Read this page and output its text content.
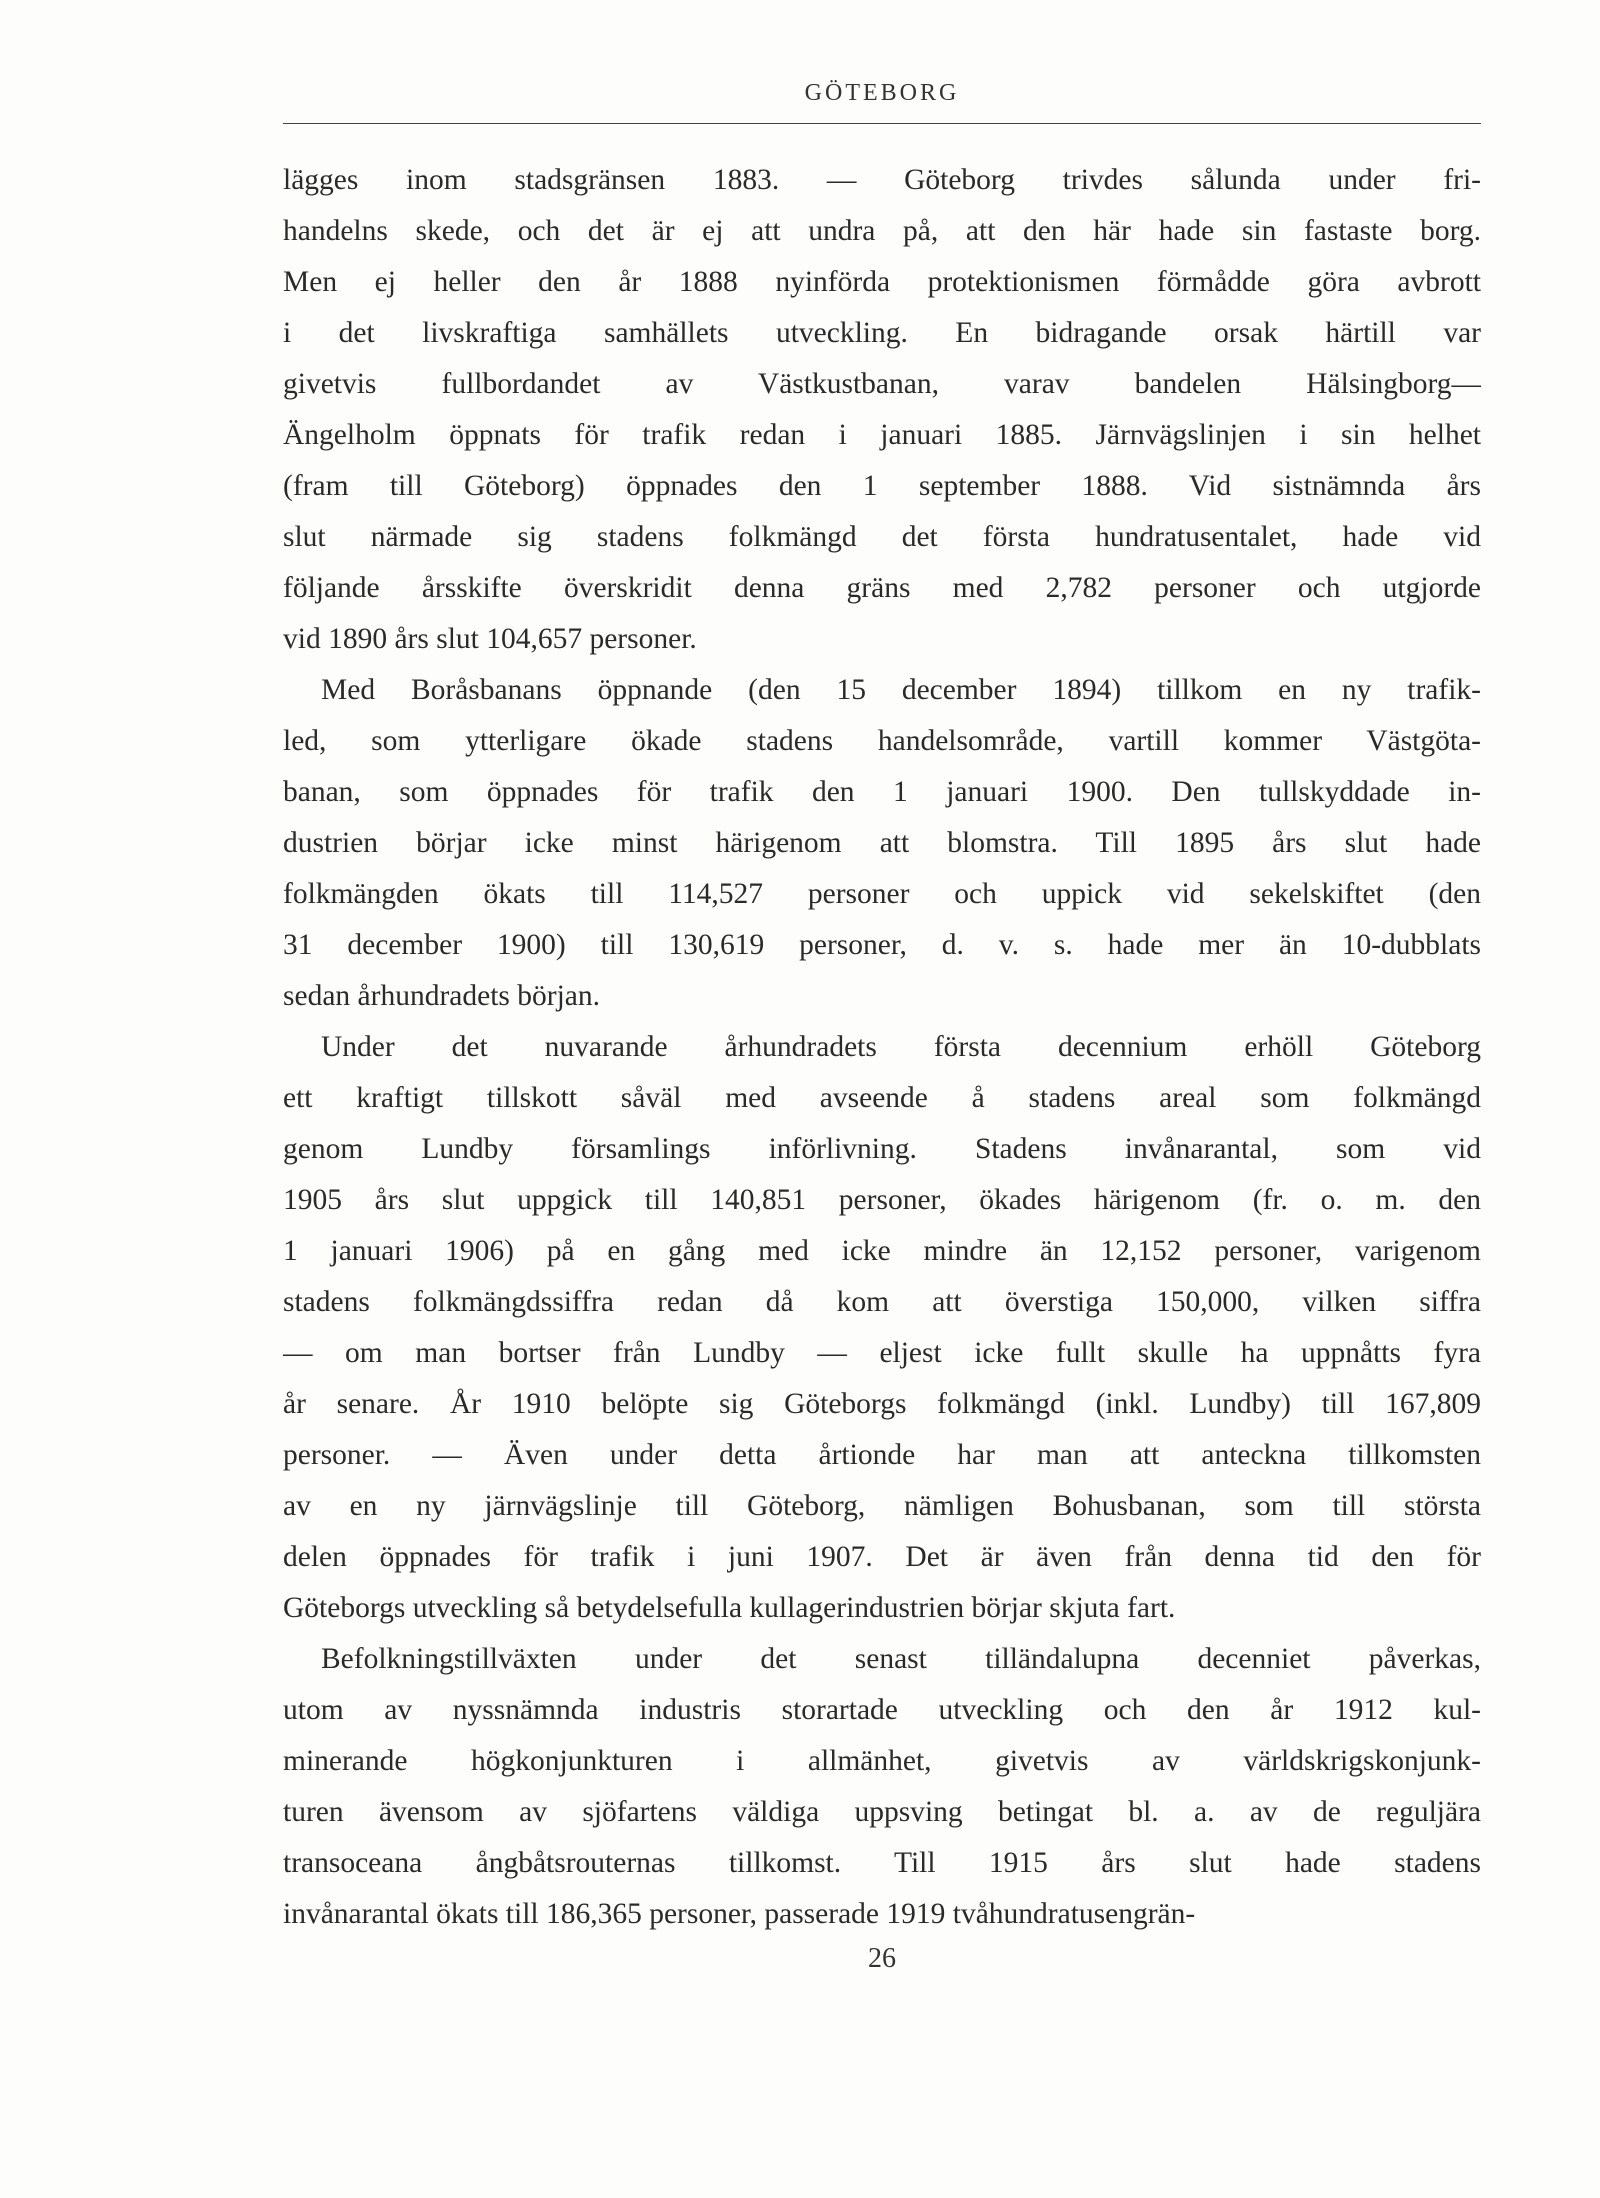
GÖTEBORG
lägges inom stadsgränsen 1883. — Göteborg trivdes sålunda under fri-
handelns skede, och det är ej att undra på, att den här hade sin fastaste borg.
Men ej heller den år 1888 nyinförda protektionismen förmådde göra avbrott
i det livskraftiga samhällets utveckling. En bidragande orsak härtill var
givetvis fullbordandet av Västkustbanan, varav bandelen Hälsingborg—
Ängelholm öppnats för trafik redan i januari 1885. Järnvägslinjen i sin helhet
(fram till Göteborg) öppnades den 1 september 1888. Vid sistnämnda års
slut närmade sig stadens folkmängd det första hundratusentalet, hade vid
följande årsskifte överskridit denna gräns med 2,782 personer och utgjorde
vid 1890 års slut 104,657 personer.
Med Boråsbanans öppnande (den 15 december 1894) tillkom en ny trafik-
led, som ytterligare ökade stadens handelsområde, vartill kommer Västgöta-
banan, som öppnades för trafik den 1 januari 1900. Den tullskyddade in-
dustrien börjar icke minst härigenom att blomstra. Till 1895 års slut hade
folkmängden ökats till 114,527 personer och uppick vid sekelskiftet (den
31 december 1900) till 130,619 personer, d. v. s. hade mer än 10-dubblats
sedan århundradets början.
Under det nuvarande århundradets första decennium erhöll Göteborg
ett kraftigt tillskott såväl med avseende å stadens areal som folkmängd
genom Lundby församlings införlivning. Stadens invånarantal, som vid
1905 års slut uppgick till 140,851 personer, ökades härigenom (fr. o. m. den
1 januari 1906) på en gång med icke mindre än 12,152 personer, varigenom
stadens folkmängdssiffra redan då kom att överstiga 150,000, vilken siffra
— om man bortser från Lundby — eljest icke fullt skulle ha uppnåtts fyra
år senare. År 1910 belöpte sig Göteborgs folkmängd (inkl. Lundby) till 167,809
personer. — Även under detta årtionde har man att anteckna tillkomsten
av en ny järnvägslinje till Göteborg, nämligen Bohusbanan, som till största
delen öppnades för trafik i juni 1907. Det är även från denna tid den för
Göteborgs utveckling så betydelsefulla kullagerindustrien börjar skjuta fart.
Befolkningstillväxten under det senast tilländalupna decenniet påverkas,
utom av nyssnämnda industris storartade utveckling och den år 1912 kul-
minerande högkonjunkturen i allmänhet, givetvis av världskrigskonjunk-
turen ävensom av sjöfartens väldiga uppsving betingat bl. a. av de reguljära
transoceana ångbåtsrouternas tillkomst. Till 1915 års slut hade stadens
invånarantal ökats till 186,365 personer, passerade 1919 tvåhundratusengrän-
26
